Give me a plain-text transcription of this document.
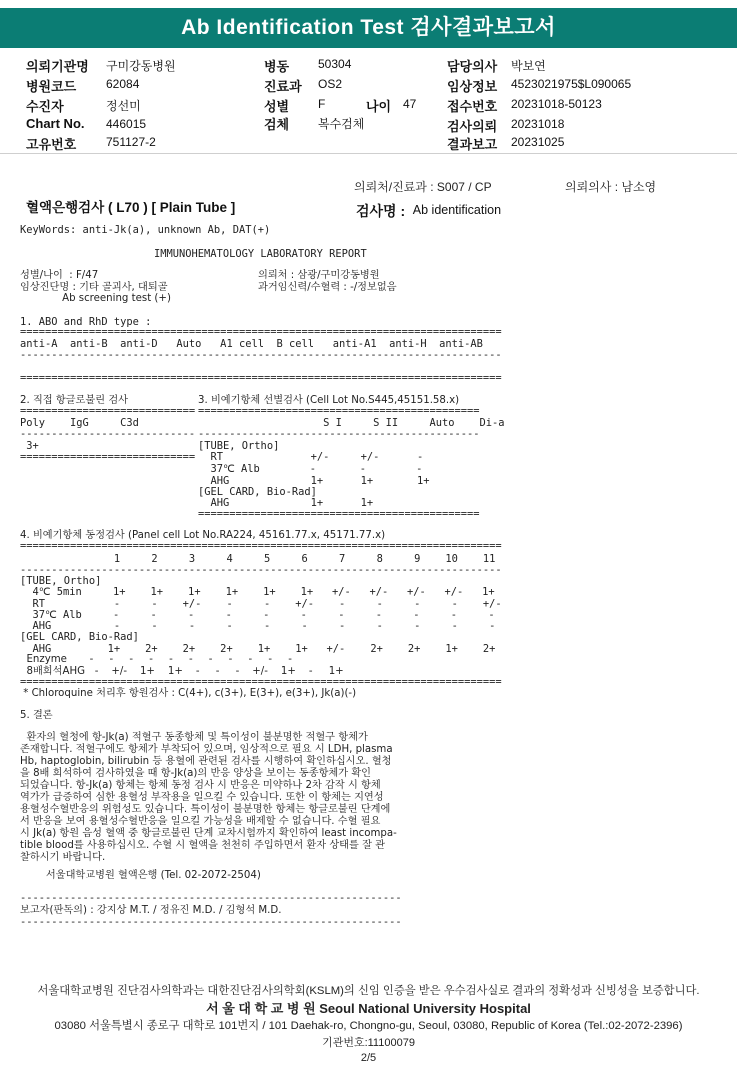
Ab Identification Test 검사결과보고서
의뢰기관명 구미강동병원	병동 50304	담당의사 박보연
병원코드 62084	진료과 OS2	임상정보 4523021975$L090065
수진자	정선미	성별 F	나이 47 접수번호 20231018-50123
Chart No. 446015	검체 복수검체	검사의뢰 20231018
고유번호 751127-2	결과보고 20231025
의뢰처/진료과 : S007 / CP	의뢰의사 : 남소영
혈액은행검사 ( L70 ) [ Plain Tube ]	검사명 : Ab identification
KeyWords: anti-Jk(a), unknown Ab, DAT(+)
IMMUNOHEMATOLOGY LABORATORY REPORT
성별/나이  : F/47
임상진단명 : 기타 골괴사, 대퇴골
Ab screening test (+)
의뢰처 : 삼광/구미강동병원
과거임신력/수혈력 : -/정보없음
1. ABO and RhD type :
=============================================================================
anti-A  anti-B  anti-D   Auto   A1 cell  B cell   anti-A1  anti-H  anti-AB
-----------------------------------------------------------------------------
=============================================================================
2. 직접 항글로불린 검사
============================
Poly    IgG     C3d
----------------------------
3+
============================
3. 비예기항체 선별검사 (Cell Lot No.S445,45151.58.x)
=============================================
S I     S II     Auto    Di-a
---------------------------------------------
[TUBE, Ortho]
RT              +/-     +/-      -
37℃ Alb        -       -        -
AHG             1+      1+       1+
[GEL CARD, Bio-Rad]
AHG             1+      1+
=============================================
4. 비예기항체 동정검사 (Panel cell Lot No.RA224, 45161.77.x, 45171.77.x)
=============================================================================
1     2     3     4     5     6     7     8     9    10    11
-----------------------------------------------------------------------------
[TUBE, Ortho]
4℃ 5min     1+    1+    1+    1+    1+    1+   +/-   +/-   +/-   +/-   1+
RT           -     -    +/-    -     -    +/-    -     -     -     -    +/-
37℃ Alb     -     -     -     -     -     -     -     -     -     -     -
AHG          -     -     -     -     -     -     -     -     -     -     -
[GEL CARD, Bio-Rad]
AHG         1+    2+    2+    2+    1+    1+   +/-    2+    2+    1+    2+
Enzyme       -     -     -     -     -     -     -     -     -     -     -
8배희석AHG   -    +/-    1+    1+    -     -     -    +/-    1+    -     1+
=============================================================================
* Chloroquine 처리후 항원검사 : C(4+), c(3+), E(3+), e(3+), Jk(a)(-)
5. 결론
환자의 혈청에 항-Jk(a) 적혈구 동종항체 및 특이성이 불분명한 적혈구 항체가
존재합니다. 적혈구에도 항체가 부착되어 있으며, 임상적으로 필요 시 LDH, plasma
Hb, haptoglobin, bilirubin 등 용혈에 관련된 검사를 시행하여 확인하십시오. 혈청
을 8배 희석하여 검사하였을 때 항-Jk(a)의 반응 양상을 보이는 동종항체가 확인
되었습니다. 항-Jk(a) 항체는 항체 동정 검사 시 반응은 미약하나 2차 감작 시 항체
역가가 급증하여 심한 용혈성 부작용을 일으킬 수 있습니다. 또한 이 항체는 지연성
용혈성수혈반응의 위험성도 있습니다. 특이성이 불분명한 항체는 항글로불린 단계에
서 반응을 보여 용혈성수혈반응을 일으킬 가능성을 배제할 수 없습니다. 수혈 필요
시 Jk(a) 항원 음성 혈액 중 항글로불린 단계 교차시험까지 확인하여 least incompa-
tible blood를 사용하십시오. 수혈 시 혈액을 천천히 주입하면서 환자 상태를 잘 관
찰하시기 바랍니다.
서울대학교병원 혈액은행 (Tel. 02-2072-2504)
-------------------------------------------------------------
보고자(판독의) : 강지상 M.T. / 정유진 M.D. / 김형석 M.D.
-------------------------------------------------------------
서울대학교병원 진단검사의학과는 대한진단검사의학회(KSLM)의 신임 인증을 받은 우수검사실로 결과의 정확성과 신빙성을 보증합니다.
서 울 대 학 교 병 원 Seoul National University Hospital
03080 서울특별시 종로구 대학로 101번지 / 101 Daehak-ro, Chongno-gu, Seoul, 03080, Republic of Korea (Tel.:02-2072-2396)
기관번호:11100079
2/5
